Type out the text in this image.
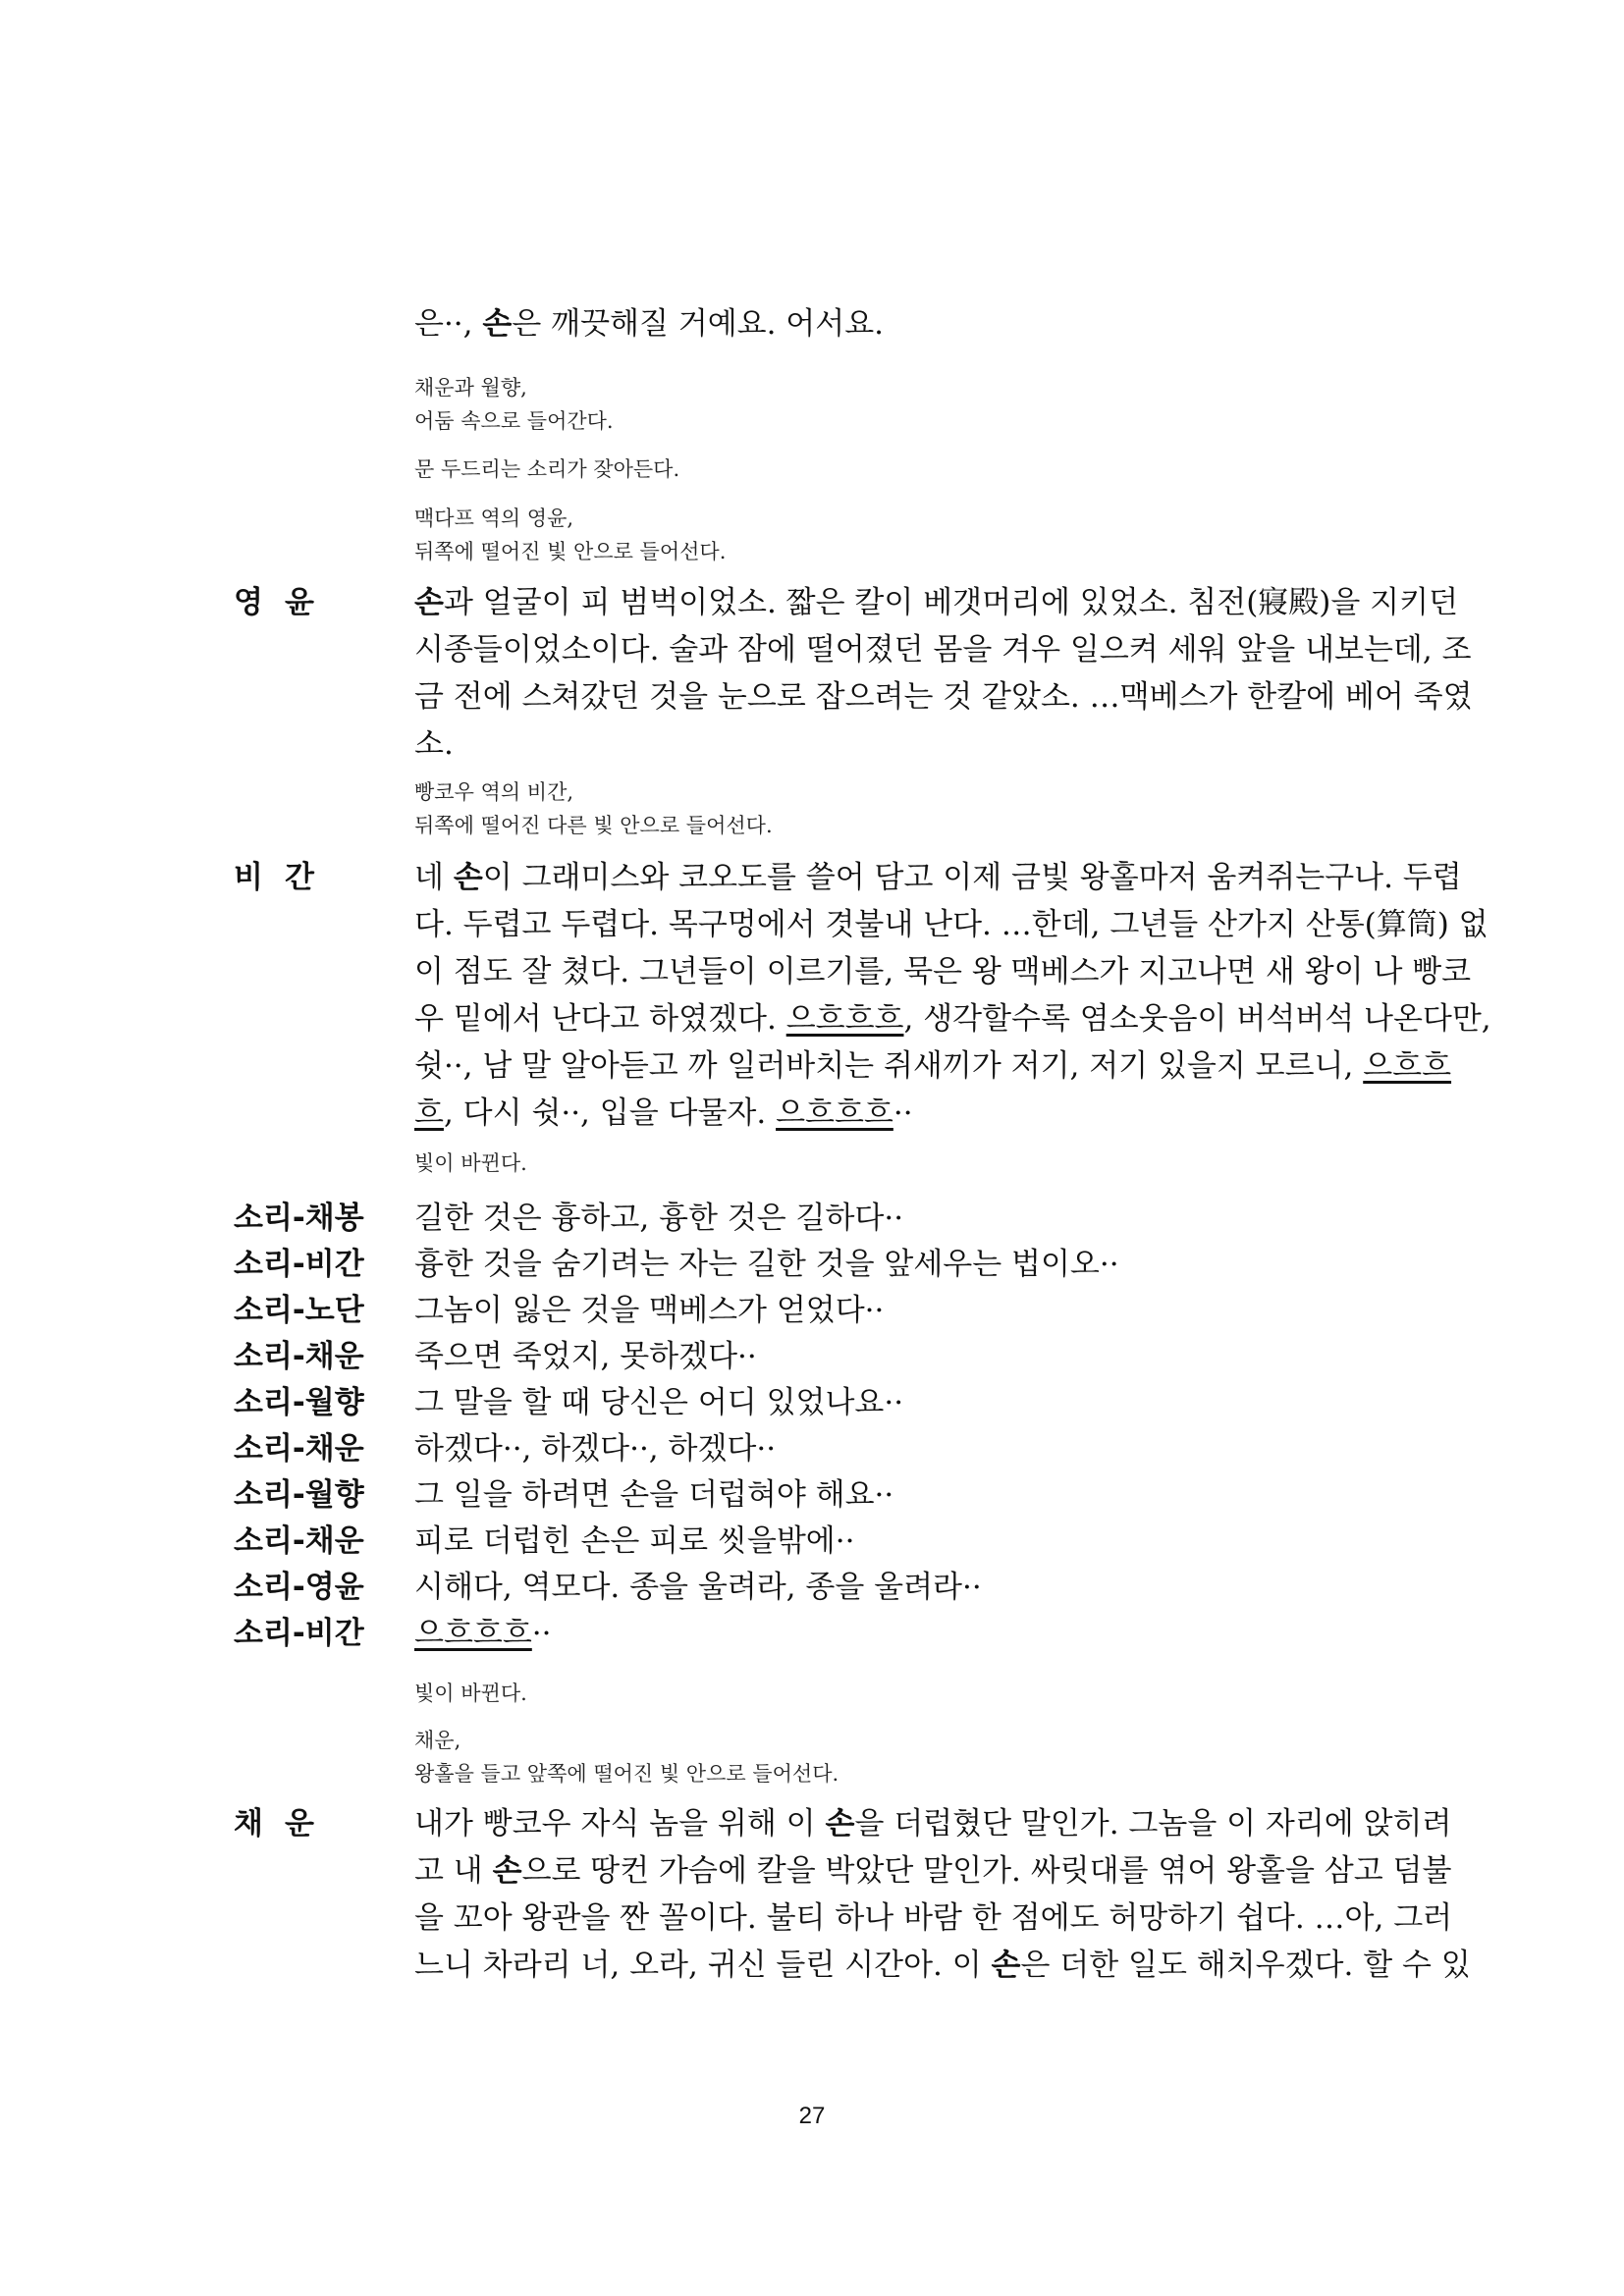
은··, 손은 깨끗해질 거예요. 어서요.
채운과 월향,
어둠 속으로 들어간다.
문 두드리는 소리가 잦아든다.
맥다프 역의 영윤,
뒤쪽에 떨어진 빛 안으로 들어선다.
영윤	손과 얼굴이 피 범벅이었소. 짧은 칼이 베갯머리에 있었소. 침전(寢殿)을 지키던
시종들이었소이다. 술과 잠에 떨어졌던 몸을 겨우 일으켜 세워 앞을 내보는데, 조
금 전에 스쳐갔던 것을 눈으로 잡으려는 것 같았소. …맥베스가 한칼에 베어 죽였
소.
빵코우 역의 비간,
뒤쪽에 떨어진 다른 빛 안으로 들어선다.
비간	네 손이 그래미스와 코오도를 쓸어 담고 이제 금빛 왕홀마저 움켜쥐는구나. 두렵
다. 두렵고 두렵다. 목구멍에서 겻불내 난다. …한데, 그년들 산가지 산통(算筒) 없
이 점도 잘 쳤다. 그년들이 이르기를, 묵은 왕 맥베스가 지고나면 새 왕이 나 빵코
우 밑에서 난다고 하였겠다. 으흐흐흐, 생각할수록 염소웃음이 버석버석 나온다만,
쉿··, 남 말 알아듣고 까 일러바치는 쥐새끼가 저기, 저기 있을지 모르니, 으흐흐
흐, 다시 쉿··, 입을 다물자. 으흐흐흐··
빛이 바뀐다.
소리-채봉	길한 것은 흉하고, 흉한 것은 길하다··
소리-비간	흉한 것을 숨기려는 자는 길한 것을 앞세우는 법이오··
소리-노단	그놈이 잃은 것을 맥베스가 얻었다··
소리-채운	죽으면 죽었지, 못하겠다··
소리-월향	그 말을 할 때 당신은 어디 있었나요··
소리-채운	하겠다··, 하겠다··, 하겠다··
소리-월향	그 일을 하려면 손을 더럽혀야 해요··
소리-채운	피로 더럽힌 손은 피로 씻을밖에··
소리-영윤	시해다, 역모다. 종을 울려라, 종을 울려라··
소리-비간	으흐흐흐··
빛이 바뀐다.
채운,
왕홀을 들고 앞쪽에 떨어진 빛 안으로 들어선다.
채운	내가 빵코우 자식 놈을 위해 이 손을 더럽혔단 말인가. 그놈을 이 자리에 앉히려
고 내 손으로 땅컨 가슴에 칼을 박았단 말인가. 싸릿대를 엮어 왕홀을 삼고 덤불
을 꼬아 왕관을 짠 꼴이다. 불티 하나 바람 한 점에도 허망하기 쉽다. …아, 그러
느니 차라리 너, 오라, 귀신 들린 시간아. 이 손은 더한 일도 해치우겠다. 할 수 있
27
